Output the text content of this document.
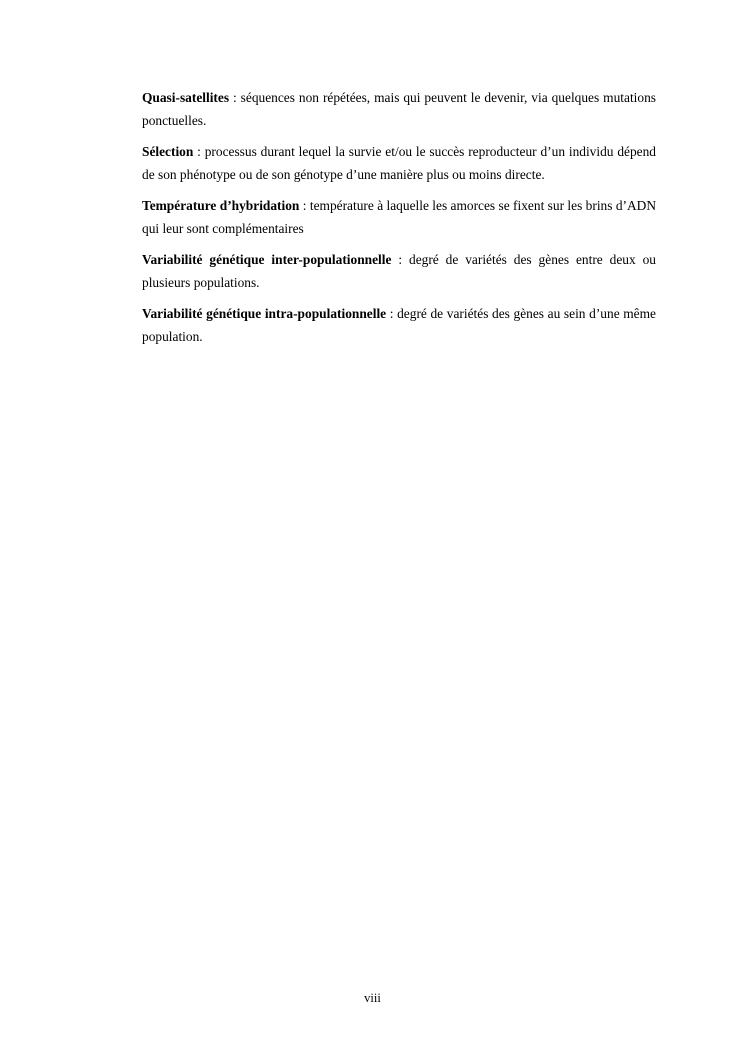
Quasi-satellites : séquences non répétées, mais qui peuvent le devenir, via quelques mutations ponctuelles.

Sélection : processus durant lequel la survie et/ou le succès reproducteur d’un individu dépend de son phénotype ou de son génotype d’une manière plus ou moins directe.

Température d’hybridation : température à laquelle les amorces se fixent sur les brins d’ADN qui leur sont complémentaires

Variabilité génétique inter-populationnelle : degré de variétés des gènes entre deux ou plusieurs populations.

Variabilité génétique intra-populationnelle : degré de variétés des gènes au sein d’une même population.

viii
